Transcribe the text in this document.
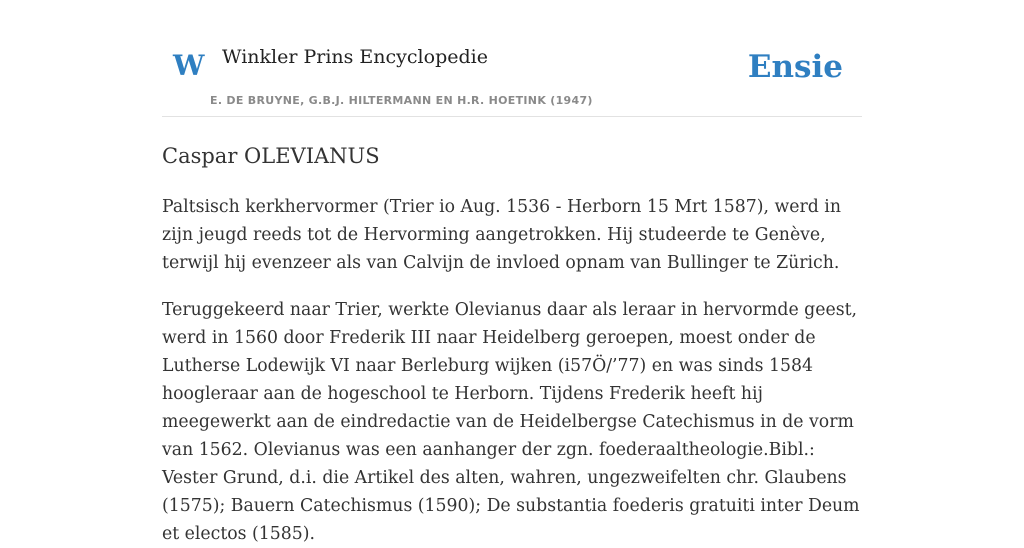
W Winkler Prins Encyclopedie
E. DE BRUYNE, G.B.J. HILTERMANN EN H.R. HOETINK (1947)
Ensie
Caspar OLEVIANUS

Paltsisch kerkhervormer (Trier io Aug. 1536 - Herborn 15 Mrt 1587), werd in zijn jeugd reeds tot de Hervorming aangetrokken. Hij studeerde te Genève, terwijl hij evenzeer als van Calvijn de invloed opnam van Bullinger te Zürich.

Teruggekeerd naar Trier, werkte Olevianus daar als leraar in hervormde geest, werd in 1560 door Frederik III naar Heidelberg geroepen, moest onder de Lutherse Lodewijk VI naar Berleburg wijken (i57Ö/’77) en was sinds 1584 hoogleraar aan de hogeschool te Herborn. Tijdens Frederik heeft hij meegewerkt aan de eindredactie van de Heidelbergse Catechismus in de vorm van 1562. Olevianus was een aanhanger der zgn. foederaaltheologie.Bibl.: Vester Grund, d.i. die Artikel des alten, wahren, ungezweifelten chr. Glaubens (1575); Bauern Catechismus (1590); De substantia foederis gratuiti inter Deum et electos (1585).
